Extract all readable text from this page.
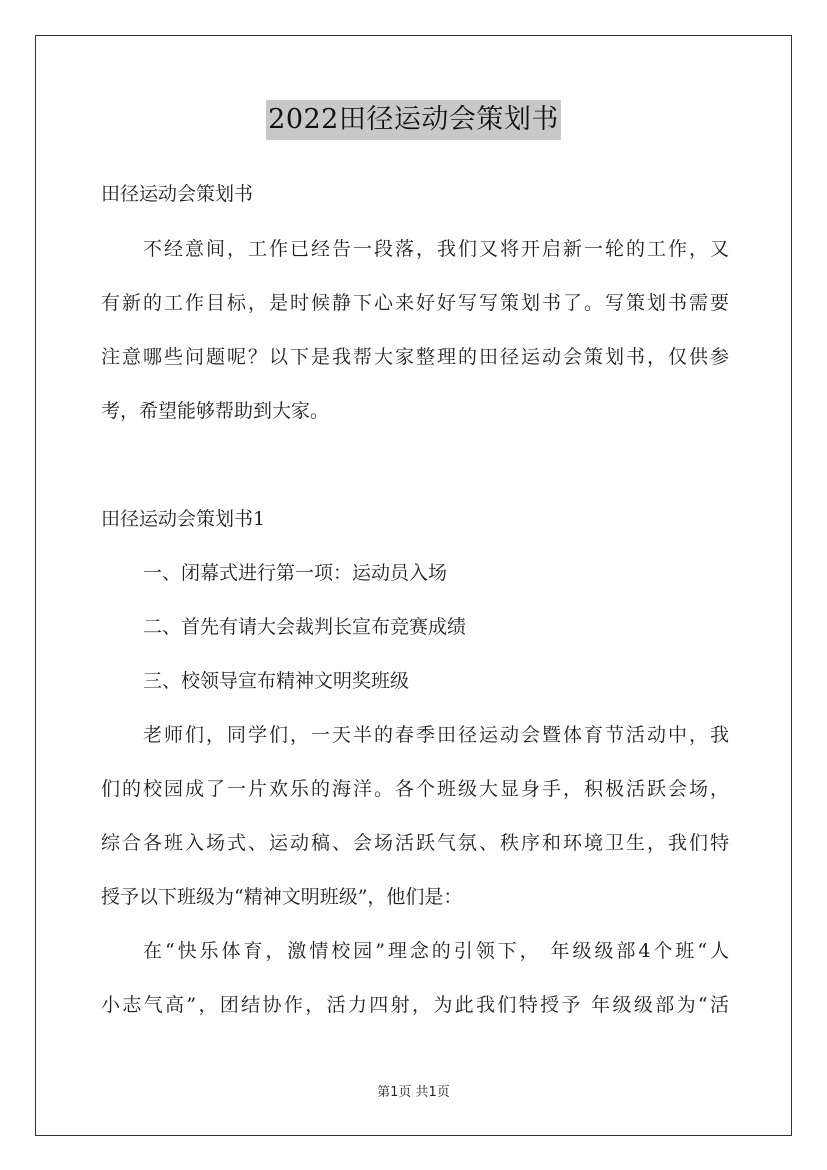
2022田径运动会策划书
田径运动会策划书
不经意间，工作已经告一段落，我们又将开启新一轮的工作，又
有新的工作目标，是时候静下心来好好写写策划书了。写策划书需要
注意哪些问题呢？以下是我帮大家整理的田径运动会策划书，仅供参
考，希望能够帮助到大家。
田径运动会策划书1
一、闭幕式进行第一项：运动员入场
二、首先有请大会裁判长宣布竞赛成绩
三、校领导宣布精神文明奖班级
老师们，同学们，一天半的春季田径运动会暨体育节活动中，我
们的校园成了一片欢乐的海洋。各个班级大显身手，积极活跃会场，
综合各班入场式、运动稿、会场活跃气氛、秩序和环境卫生，我们特
授予以下班级为“精神文明班级”，他们是：
在“快乐体育，激情校园”理念的引领下， 年级级部4个班“人
小志气高”，团结协作，活力四射，为此我们特授予 年级级部为“活
第1页 共1页
